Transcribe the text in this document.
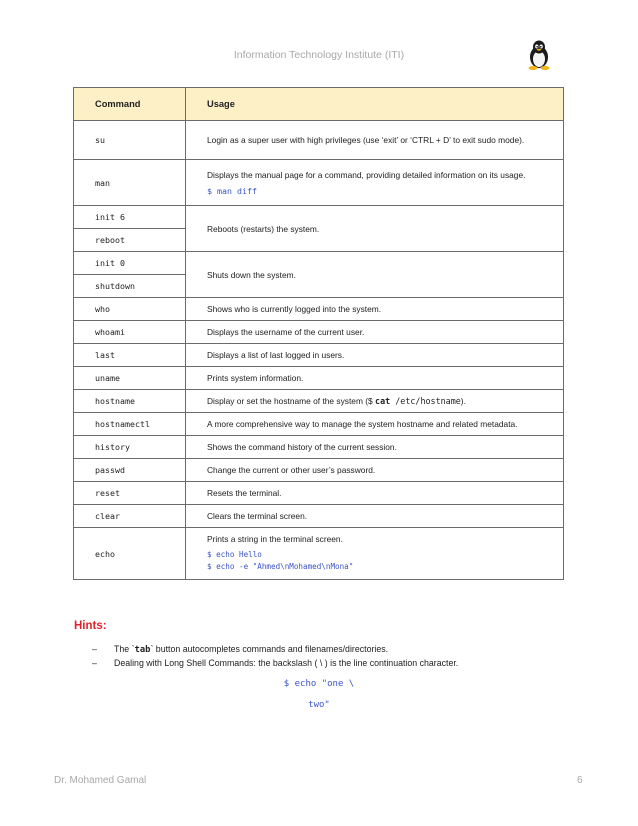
Information Technology Institute (ITI)
Command	Usage
su	Login as a super user with high privileges (use ‘exit’ or ‘CTRL + D’ to exit sudo mode).
man	Displays the manual page for a command, providing detailed information on its usage.
$ man diff

init 6	Reboots (restarts) the system.
reboot	
init 0	Shuts down the system.
shutdown	
who	Shows who is currently logged into the system.
whoami	Displays the username of the current user.
last	Displays a list of last logged in users.
uname	Prints system information.
hostname	Display or set the hostname of the system ($ cat /etc/hostname).
hostnamectl	A more comprehensive way to manage the system hostname and related metadata.
history	Shows the command history of the current session.
passwd	Change the current or other user’s password.
reset	Resets the terminal.
clear	Clears the terminal screen.
echo	Prints a string in the terminal screen.
$ echo Hello
$ echo -e "Ahmed\nMohamed\nMona"
Hints:
– The `tab` button autocompletes commands and filenames/directories.
– Dealing with Long Shell Commands: the backslash ( \ ) is the line continuation character.
$ echo "one \
two"
Dr. Mohamed Gamal	6
